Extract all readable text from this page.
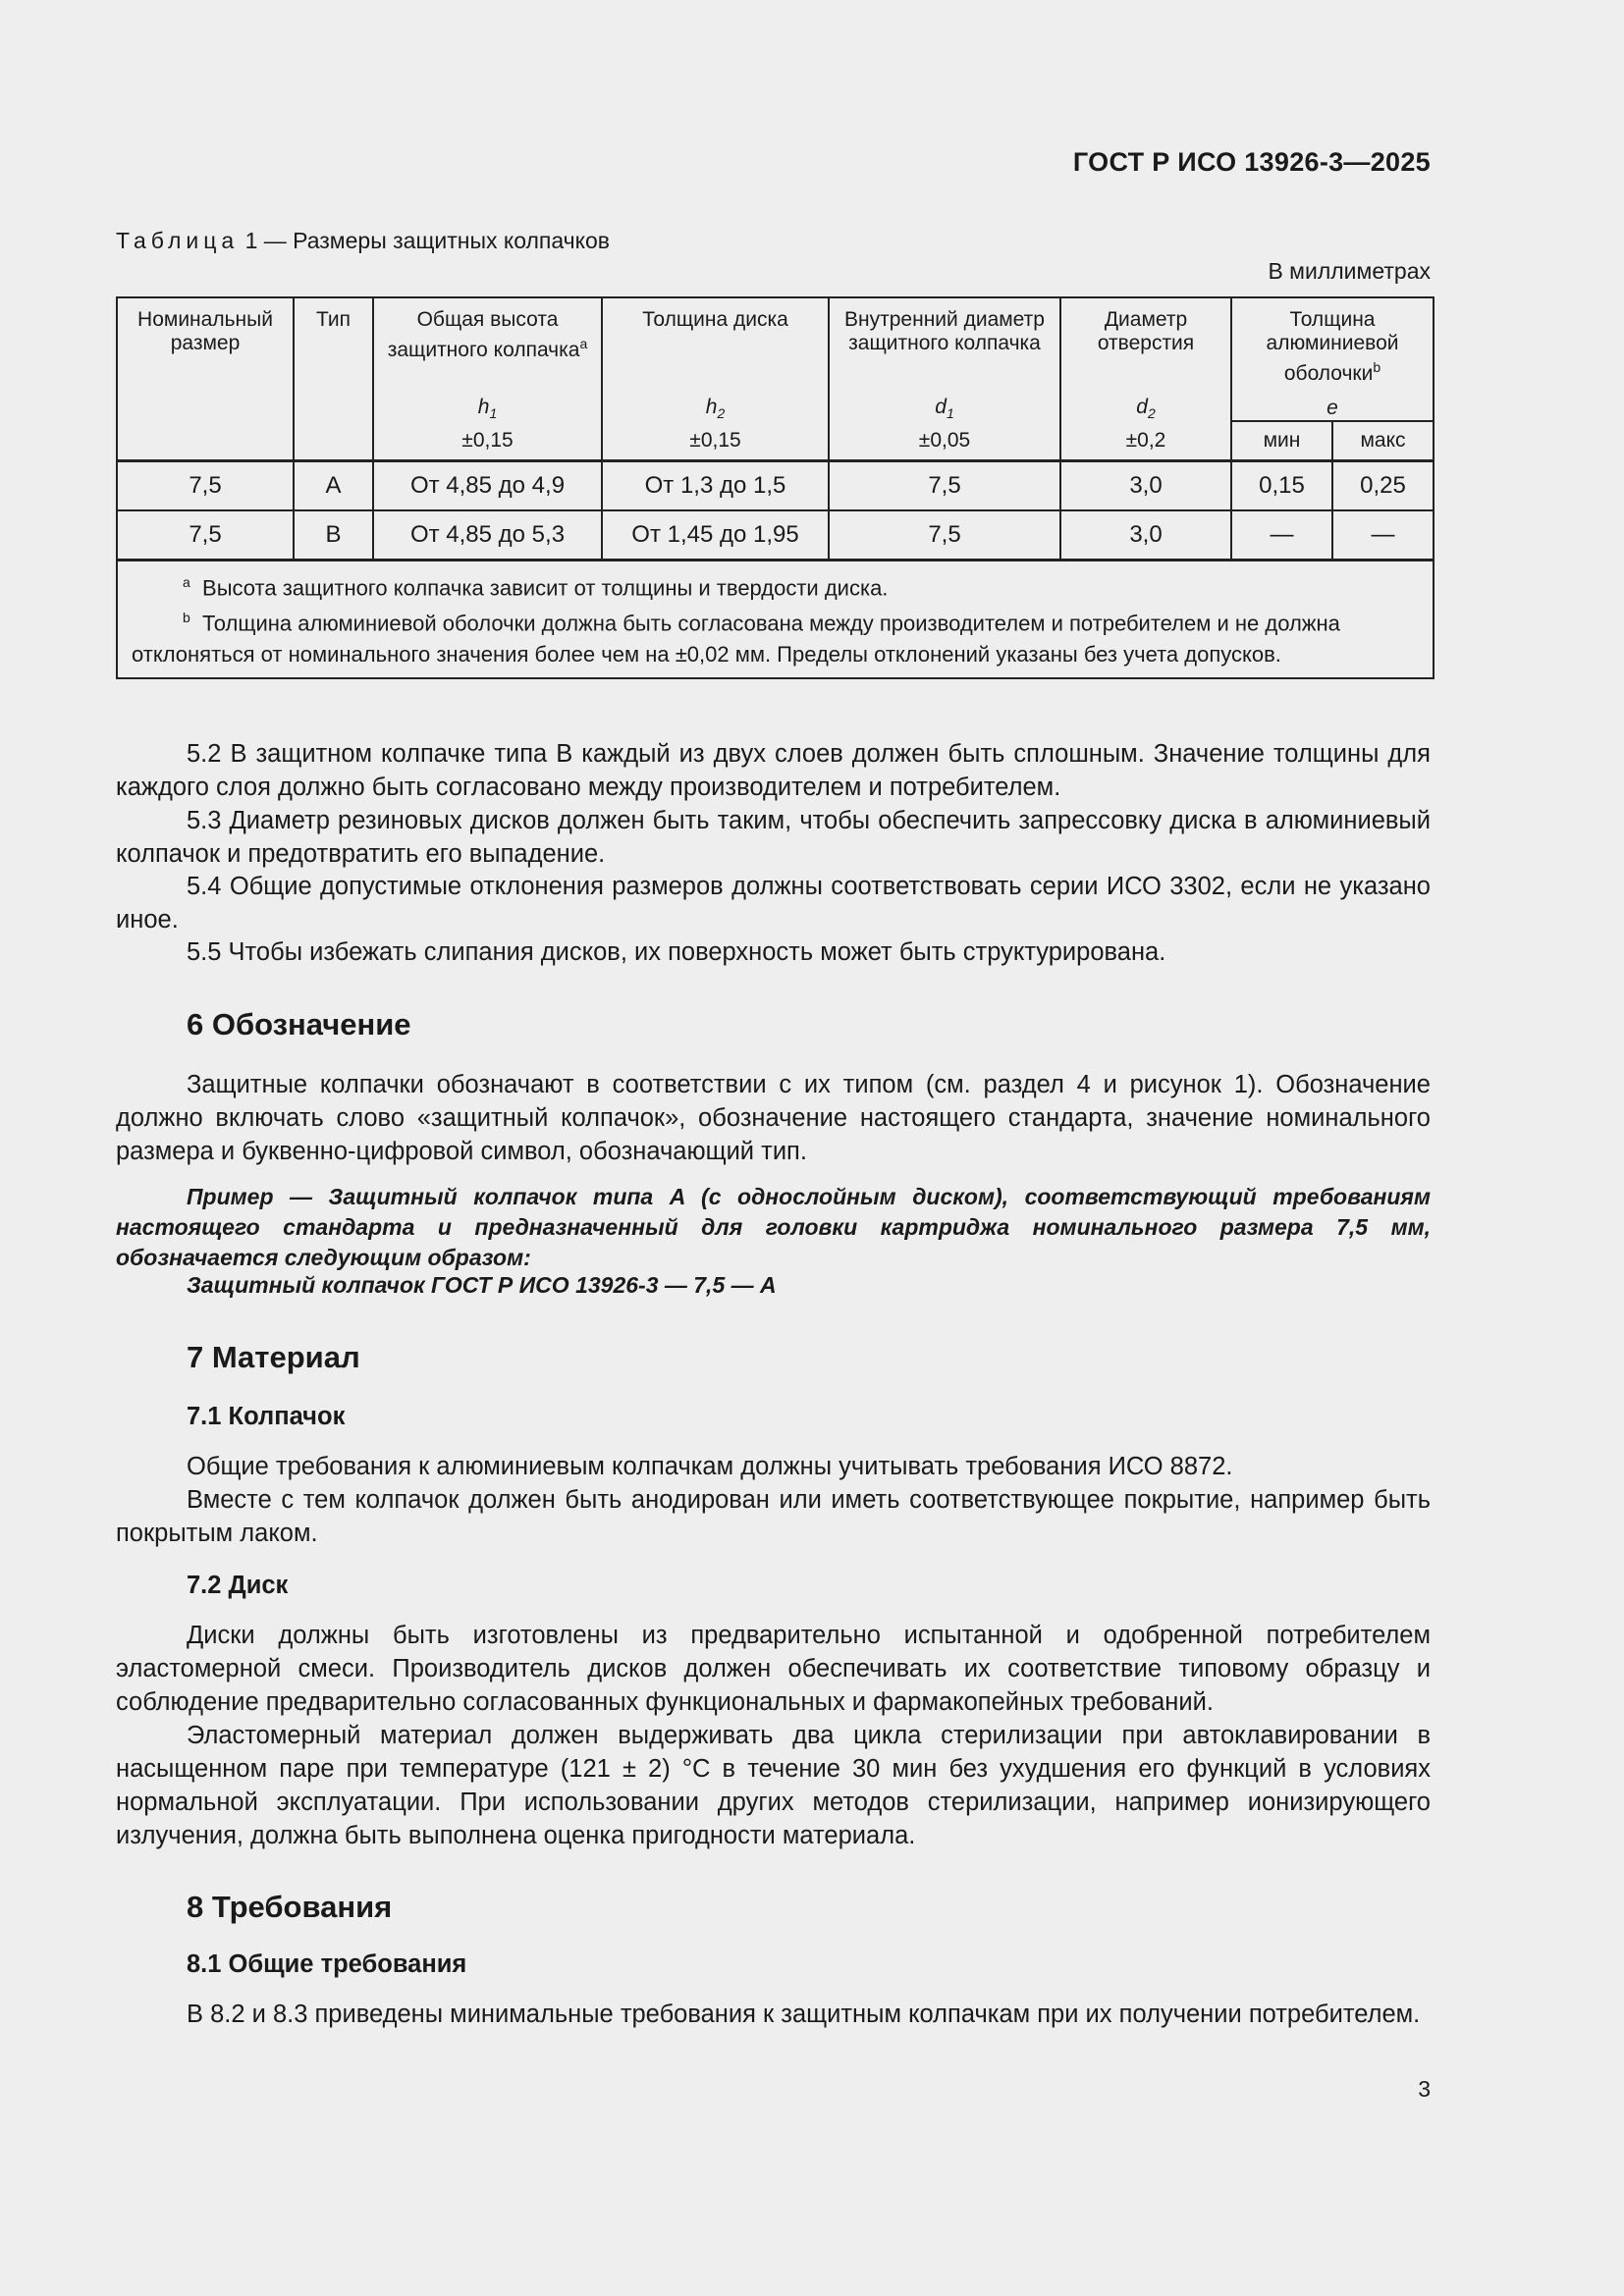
ГОСТ Р ИСО 13926-3—2025
Таблица 1 — Размеры защитных колпачков
В миллиметрах
Номинальный размер	Тип	Общая высота защитного колпачка$^a$	Толщина диска	Внутренний диаметр защитного колпачка	Диаметр отверстия	Толщина алюминиевой оболочки$^b$
		$h_1$	$h_2$	$d_1$	$d_2$	e	
		±0,15	±0,15	±0,05	±0,2	мин	макс
7,5	A	От 4,85 до 4,9	От 1,3 до 1,5	7,5	3,0	0,15	0,25
7,5	B	От 4,85 до 5,3	От 1,45 до 1,95	7,5	3,0	—	—

$^a$ Высота защитного колпачка зависит от толщины и твердости диска.
$^b$ Толщина алюминиевой оболочки должна быть согласована между производителем и потребителем и не должна отклоняться от номинального значения более чем на ±0,02 мм. Пределы отклонений указаны без учета допусков.							
5.2 В защитном колпачке типа B каждый из двух слоев должен быть сплошным. Значение толщины для каждого слоя должно быть согласовано между производителем и потребителем.
5.3 Диаметр резиновых дисков должен быть таким, чтобы обеспечить запрессовку диска в алюминиевый колпачок и предотвратить его выпадение.
5.4 Общие допустимые отклонения размеров должны соответствовать серии ИСО 3302, если не указано иное.
5.5 Чтобы избежать слипания дисков, их поверхность может быть структурирована.
6 Обозначение
Защитные колпачки обозначают в соответствии с их типом (см. раздел 4 и рисунок 1). Обозначение должно включать слово «защитный колпачок», обозначение настоящего стандарта, значение номинального размера и буквенно-цифровой символ, обозначающий тип.
Пример — Защитный колпачок типа A (с однослойным диском), соответствующий требованиям настоящего стандарта и предназначенный для головки картриджа номинального размера 7,5 мм, обозначается следующим образом:
Защитный колпачок ГОСТ Р ИСО 13926-3 — 7,5 — A
7 Материал
7.1 Колпачок
Общие требования к алюминиевым колпачкам должны учитывать требования ИСО 8872.
Вместе с тем колпачок должен быть анодирован или иметь соответствующее покрытие, например быть покрытым лаком.
7.2 Диск
Диски должны быть изготовлены из предварительно испытанной и одобренной потребителем эластомерной смеси. Производитель дисков должен обеспечивать их соответствие типовому образцу и соблюдение предварительно согласованных функциональных и фармакопейных требований.
Эластомерный материал должен выдерживать два цикла стерилизации при автоклавировании в насыщенном паре при температуре (121 ± 2) °C в течение 30 мин без ухудшения его функций в условиях нормальной эксплуатации. При использовании других методов стерилизации, например ионизирующего излучения, должна быть выполнена оценка пригодности материала.
8 Требования
8.1 Общие требования
В 8.2 и 8.3 приведены минимальные требования к защитным колпачкам при их получении потребителем.
3
